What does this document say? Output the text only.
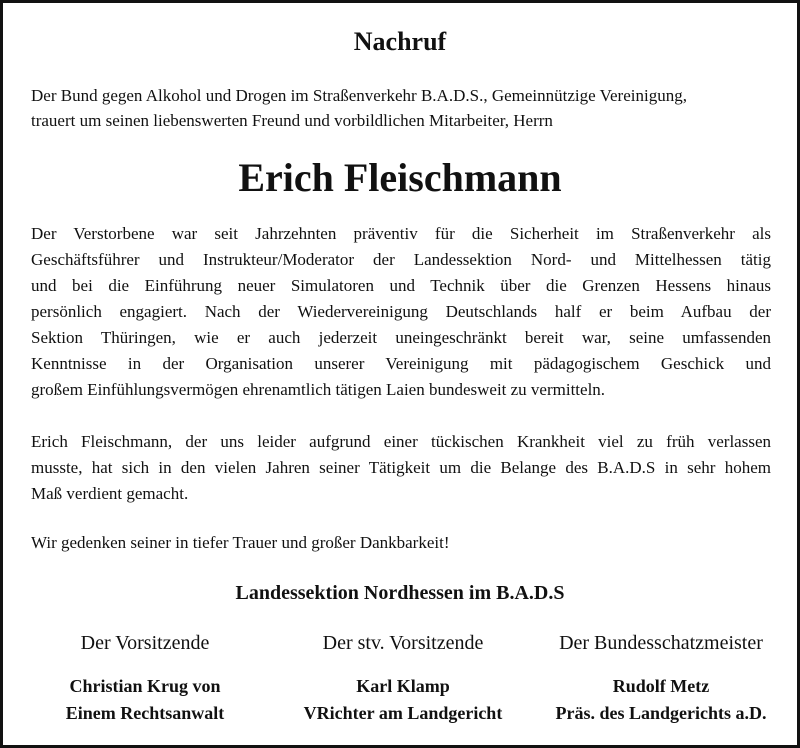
Nachruf
Der Bund gegen Alkohol und Drogen im Straßenverkehr B.A.D.S., Gemeinnützige Vereinigung,
trauert um seinen liebenswerten Freund und vorbildlichen Mitarbeiter, Herrn
Erich Fleischmann
Der Verstorbene war seit Jahrzehnten präventiv für die Sicherheit im Straßenverkehr als
Geschäftsführer und Instrukteur/Moderator der Landessektion Nord- und Mittelhessen tätig
und bei die Einführung neuer Simulatoren und Technik über die Grenzen Hessens hinaus
persönlich engagiert. Nach der Wiedervereinigung Deutschlands half er beim Aufbau der
Sektion Thüringen, wie er auch jederzeit uneingeschränkt bereit war, seine umfassenden
Kenntnisse in der Organisation unserer Vereinigung mit pädagogischem Geschick und
großem Einfühlungsvermögen ehrenamtlich tätigen Laien bundesweit zu vermitteln.
Erich Fleischmann, der uns leider aufgrund einer tückischen Krankheit viel zu früh verlassen
musste, hat sich in den vielen Jahren seiner Tätigkeit um die Belange des B.A.D.S in sehr hohem
Maß verdient gemacht.
Wir gedenken seiner in tiefer Trauer und großer Dankbarkeit!
Landessektion Nordhessen im B.A.D.S
Der Vorsitzende
Christian Krug von
Einem Rechtsanwalt
Der stv. Vorsitzende
Karl Klamp
VRichter am Landgericht
Der Bundesschatzmeister
Rudolf Metz
Präs. des Landgerichts a.D.
